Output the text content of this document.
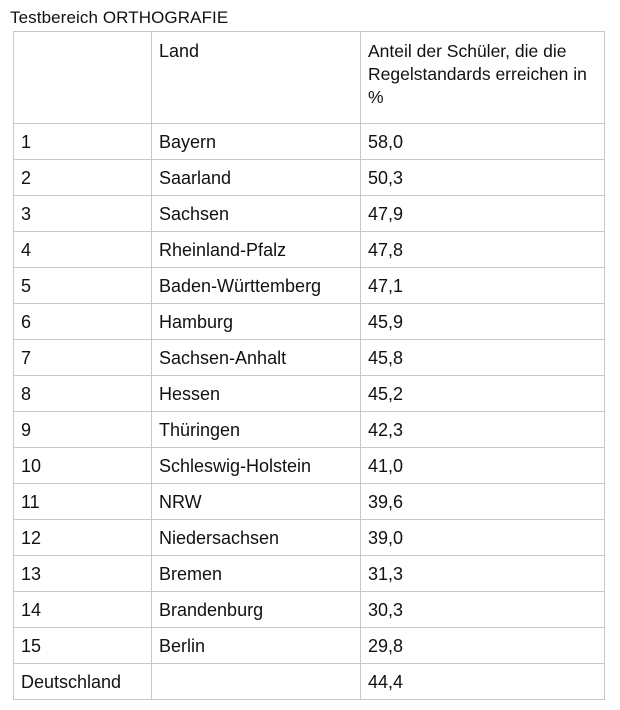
Testbereich ORTHOGRAFIE
	Land	Anteil der Schüler, die die Regelstandards erreichen in %
1	Bayern	58,0
2	Saarland	50,3
3	Sachsen	47,9
4	Rheinland-Pfalz	47,8
5	Baden-Württemberg	47,1
6	Hamburg	45,9
7	Sachsen-Anhalt	45,8
8	Hessen	45,2
9	Thüringen	42,3
10	Schleswig-Holstein	41,0
11	NRW	39,6
12	Niedersachsen	39,0
13	Bremen	31,3
14	Brandenburg	30,3
15	Berlin	29,8
Deutschland		44,4
